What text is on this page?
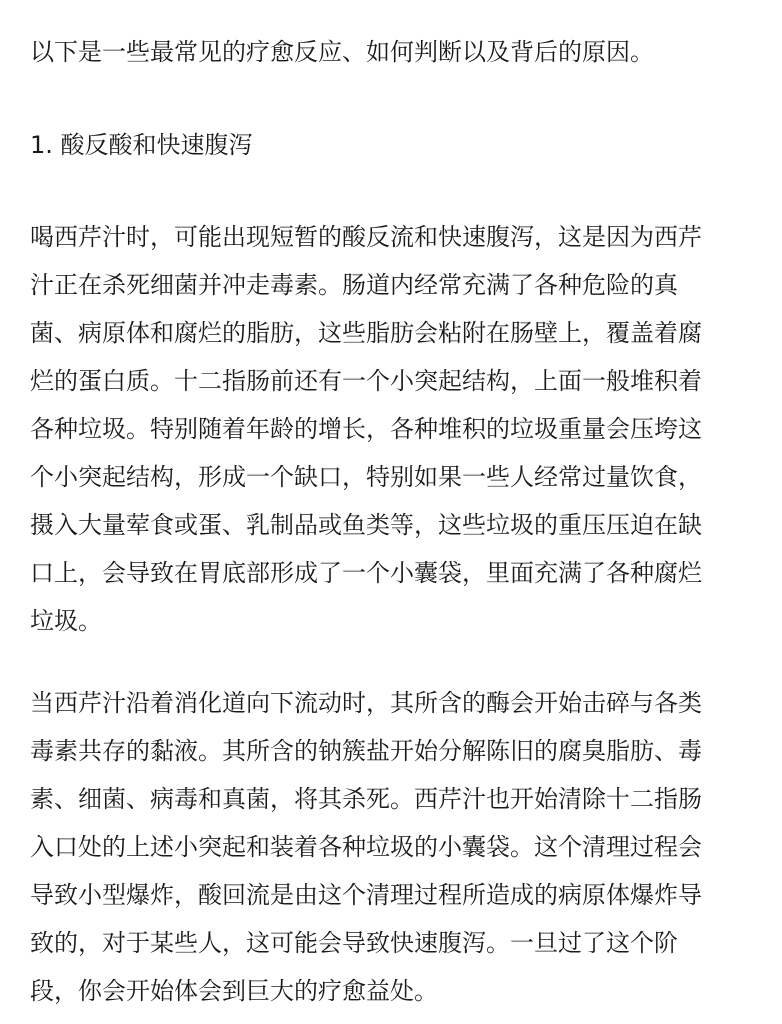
以下是一些最常见的疗愈反应、如何判断以及背后的原因。

1. 酸反酸和快速腹泻

喝西芹汁时，可能出现短暂的酸反流和快速腹泻，这是因为西芹

汁正在杀死细菌并冲走毒素。肠道内经常充满了各种危险的真

菌、病原体和腐烂的脂肪，这些脂肪会粘附在肠壁上，覆盖着腐

烂的蛋白质。十二指肠前还有一个小突起结构，上面一般堆积着

各种垃圾。特别随着年龄的增长，各种堆积的垃圾重量会压垮这

个小突起结构，形成一个缺口，特别如果一些人经常过量饮食，

摄入大量荤食或蛋、乳制品或鱼类等，这些垃圾的重压压迫在缺

口上，会导致在胃底部形成了一个小囊袋，里面充满了各种腐烂

垃圾。

当西芹汁沿着消化道向下流动时，其所含的酶会开始击碎与各类

毒素共存的黏液。其所含的钠簇盐开始分解陈旧的腐臭脂肪、毒

素、细菌、病毒和真菌，将其杀死。西芹汁也开始清除十二指肠

入口处的上述小突起和装着各种垃圾的小囊袋。这个清理过程会

导致小型爆炸，酸回流是由这个清理过程所造成的病原体爆炸导

致的，对于某些人，这可能会导致快速腹泻。一旦过了这个阶

段，你会开始体会到巨大的疗愈益处。
